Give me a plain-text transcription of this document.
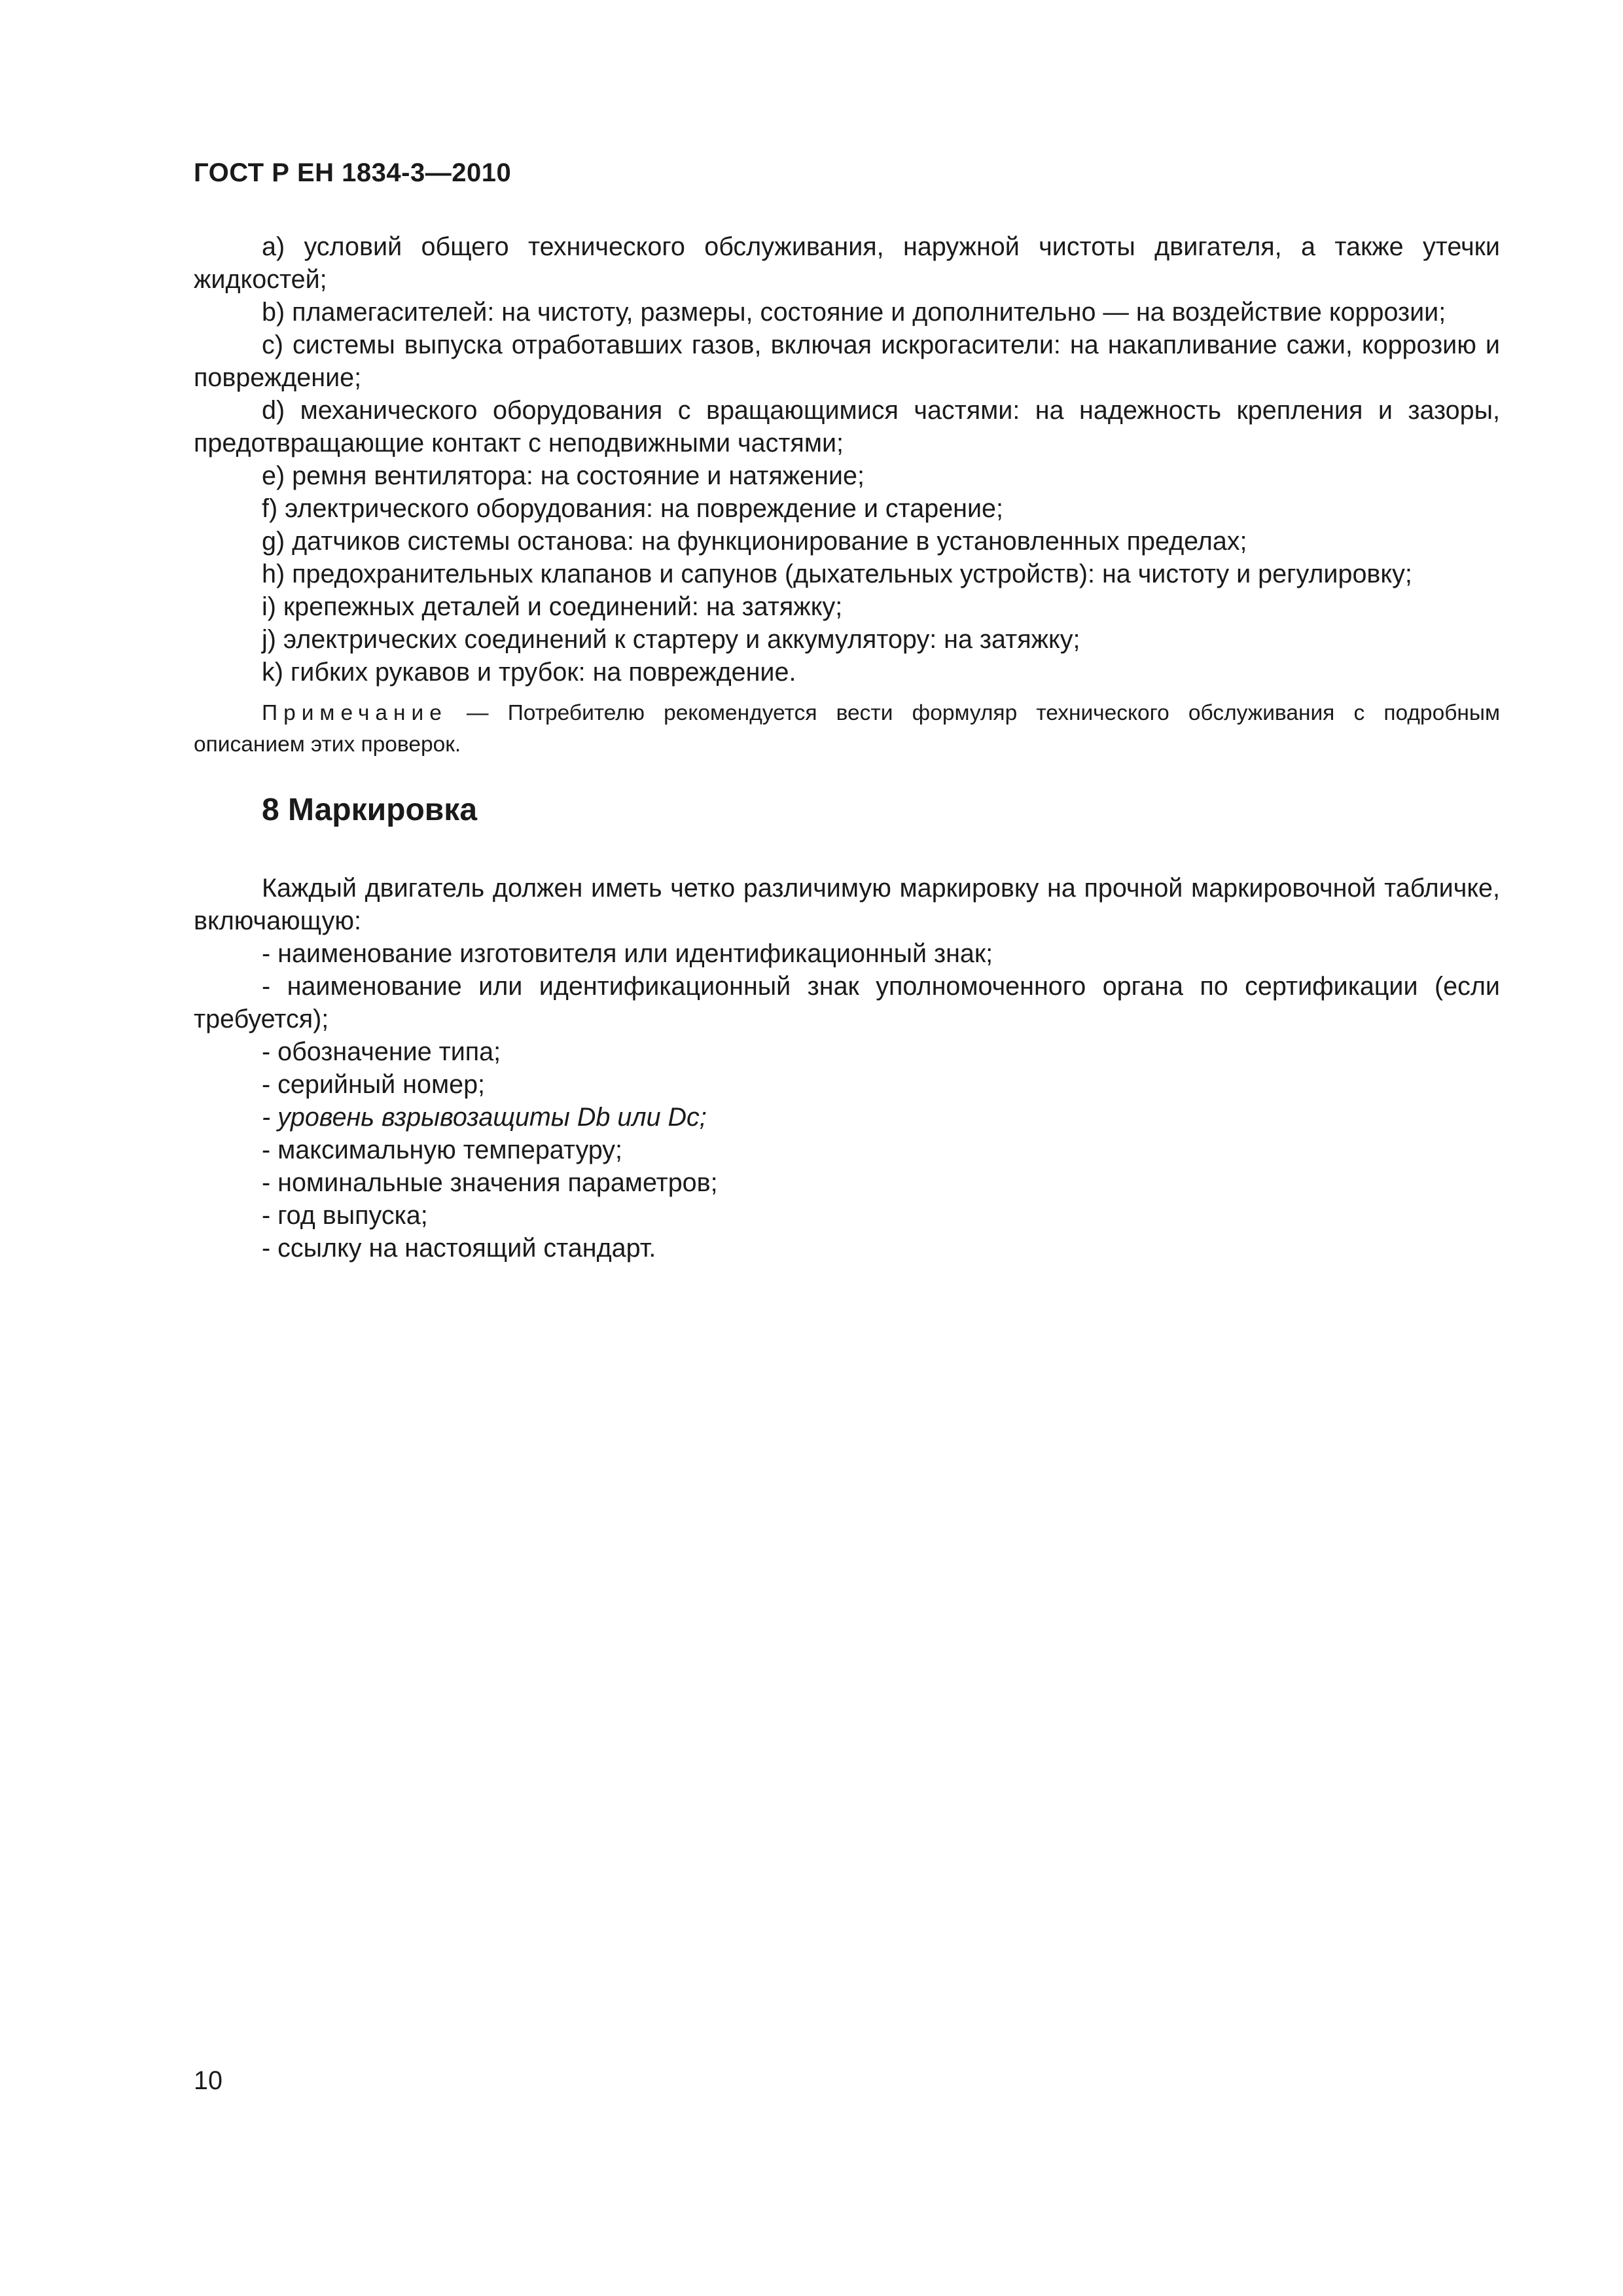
ГОСТ Р ЕН 1834-3—2010

а) условий общего технического обслуживания, наружной чистоты двигателя, а также утечки жидкостей;

b) пламегасителей: на чистоту, размеры, состояние и дополнительно — на воздействие коррозии;

с) системы выпуска отработавших газов, включая искрогасители: на накапливание сажи, коррозию и повреждение;

d) механического оборудования с вращающимися частями: на надежность крепления и зазоры, предотвращающие контакт с неподвижными частями;

е) ремня вентилятора: на состояние и натяжение;

f) электрического оборудования: на повреждение и старение;

g) датчиков системы останова: на функционирование в установленных пределах;

h) предохранительных клапанов и сапунов (дыхательных устройств): на чистоту и регулировку;

i) крепежных деталей и соединений: на затяжку;

j) электрических соединений к стартеру и аккумулятору: на затяжку;

k) гибких рукавов и трубок: на повреждение.

Примечание — Потребителю рекомендуется вести формуляр технического обслуживания с подробным описанием этих проверок.

8 Маркировка

Каждый двигатель должен иметь четко различимую маркировку на прочной маркировочной табличке, включающую:

- наименование изготовителя или идентификационный знак;

- наименование или идентификационный знак уполномоченного органа по сертификации (если требуется);

- обозначение типа;

- серийный номер;

- уровень взрывозащиты Db или Dc;

- максимальную температуру;

- номинальные значения параметров;

- год выпуска;

- ссылку на настоящий стандарт.

10
